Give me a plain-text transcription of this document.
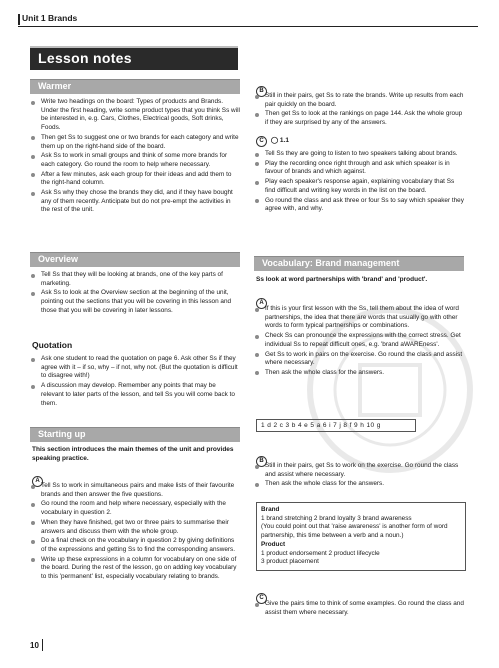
Unit 1 Brands
Lesson notes
Warmer
Write two headings on the board: Types of products and Brands. Under the first heading, write some product types that you think Ss will be interested in, e.g. Cars, Clothes, Electrical goods, Soft drinks, Foods.
Then get Ss to suggest one or two brands for each category and write them up on the right-hand side of the board.
Ask Ss to work in small groups and think of some more brands for each category. Go round the room to help where necessary.
After a few minutes, ask each group for their ideas and add them to the right-hand column.
Ask Ss why they chose the brands they did, and if they have bought any of them recently. Anticipate but do not pre-empt the activities in the rest of the unit.
Overview
Tell Ss that they will be looking at brands, one of the key parts of marketing.
Ask Ss to look at the Overview section at the beginning of the unit, pointing out the sections that you will be covering in this lesson and those that you will be covering in later lessons.
Quotation
Ask one student to read the quotation on page 6. Ask other Ss if they agree with it – if so, why – if not, why not. (But the quotation is difficult to disagree with!)
A discussion may develop. Remember any points that may be relevant to later parts of the lesson, and tell Ss you will come back to them.
Starting up
This section introduces the main themes of the unit and provides speaking practice.
A
Tell Ss to work in simultaneous pairs and make lists of their favourite brands and then answer the five questions.
Go round the room and help where necessary, especially with the vocabulary in question 2.
When they have finished, get two or three pairs to summarise their answers and discuss them with the whole group.
Do a final check on the vocabulary in question 2 by giving definitions of the expressions and getting Ss to find the corresponding answers.
Write up these expressions in a column for vocabulary on one side of the board. During the rest of the lesson, go on adding key vocabulary to this 'permanent' list, especially vocabulary relating to brands.
B
Still in their pairs, get Ss to rate the brands. Write up results from each pair quickly on the board.
Then get Ss to look at the rankings on page 144. Ask the whole group if they are surprised by any of the answers.
C ◯ 1.1
Tell Ss they are going to listen to two speakers talking about brands.
Play the recording once right through and ask which speaker is in favour of brands and which against.
Play each speaker's response again, explaining vocabulary that Ss find difficult and writing key words in the list on the board.
Go round the class and ask three or four Ss to say which speaker they agree with, and why.
Vocabulary: Brand management
Ss look at word partnerships with 'brand' and 'product'.
A
If this is your first lesson with the Ss, tell them about the idea of word partnerships, the idea that there are words that usually go with other words to form typical partnerships or combinations.
Check Ss can pronounce the expressions with the correct stress. Get individual Ss to repeat difficult ones, e.g. 'brand aWAREness'.
Get Ss to work in pairs on the exercise. Go round the class and assist where necessary.
Then ask the whole class for the answers.
1 d 2 c 3 b 4 e 5 a 6 i 7 j 8 f 9 h 10 g
B
Still in their pairs, get Ss to work on the exercise. Go round the class and assist where necessary.
Then ask the whole class for the answers.
Brand
1 brand stretching 2 brand loyalty 3 brand awareness
(You could point out that 'raise awareness' is another form of word partnership, this time between a verb and a noun.)
Product
1 product endorsement 2 product lifecycle
3 product placement
C
Give the pairs time to think of some examples. Go round the class and assist them where necessary.
10
